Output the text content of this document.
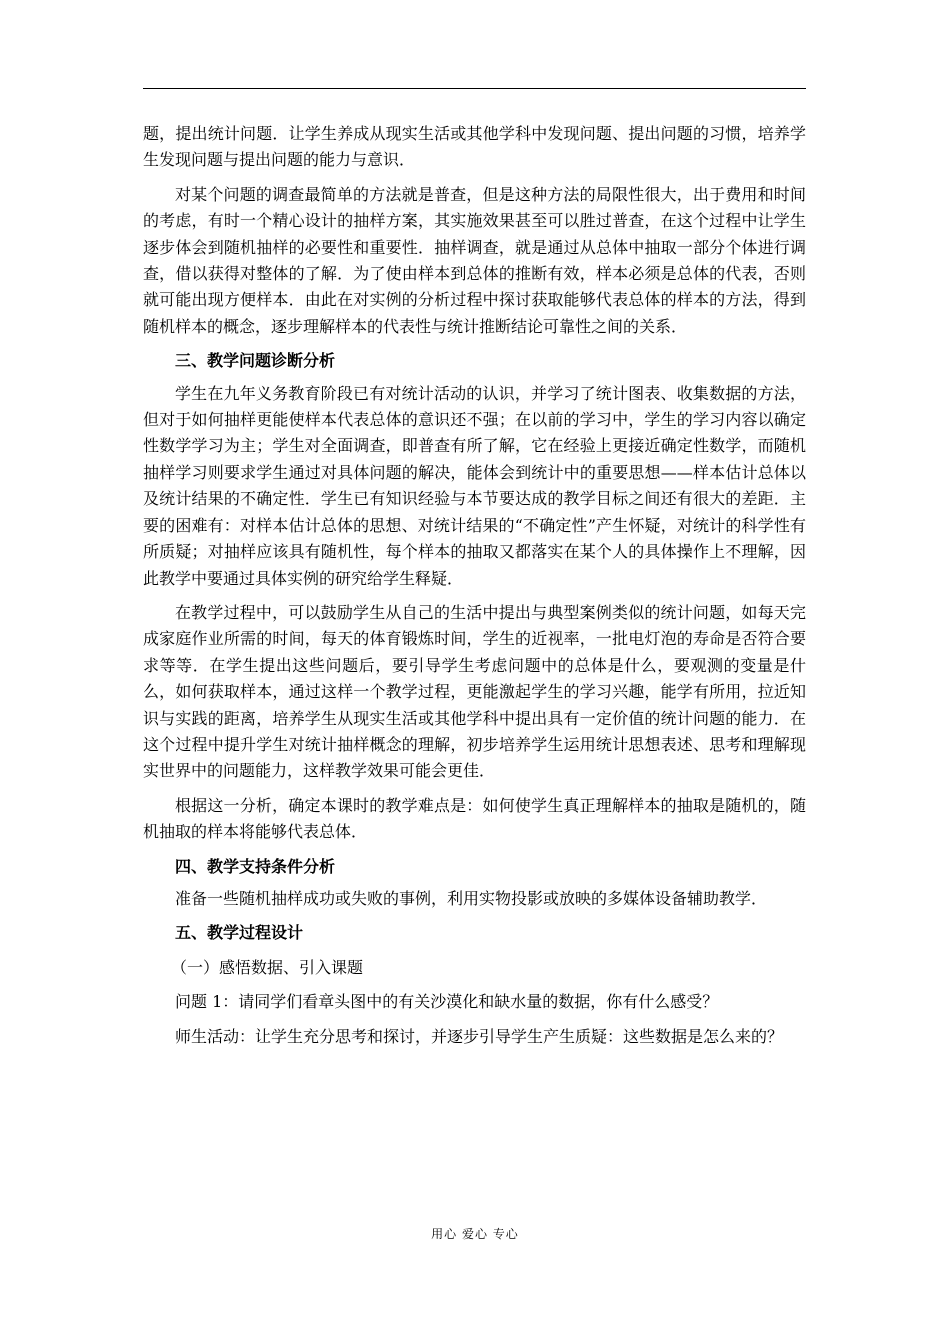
题，提出统计问题．让学生养成从现实生活或其他学科中发现问题、提出问题的习惯，培养学生发现问题与提出问题的能力与意识．

对某个问题的调查最简单的方法就是普查，但是这种方法的局限性很大，出于费用和时间的考虑，有时一个精心设计的抽样方案，其实施效果甚至可以胜过普查，在这个过程中让学生逐步体会到随机抽样的必要性和重要性．抽样调查，就是通过从总体中抽取一部分个体进行调查，借以获得对整体的了解．为了使由样本到总体的推断有效，样本必须是总体的代表，否则就可能出现方便样本．由此在对实例的分析过程中探讨获取能够代表总体的样本的方法，得到随机样本的概念，逐步理解样本的代表性与统计推断结论可靠性之间的关系．

三、教学问题诊断分析

学生在九年义务教育阶段已有对统计活动的认识，并学习了统计图表、收集数据的方法，但对于如何抽样更能使样本代表总体的意识还不强；在以前的学习中，学生的学习内容以确定性数学学习为主；学生对全面调查，即普查有所了解，它在经验上更接近确定性数学，而随机抽样学习则要求学生通过对具体问题的解决，能体会到统计中的重要思想——样本估计总体以及统计结果的不确定性．学生已有知识经验与本节要达成的教学目标之间还有很大的差距．主要的困难有：对样本估计总体的思想、对统计结果的“不确定性”产生怀疑，对统计的科学性有所质疑；对抽样应该具有随机性，每个样本的抽取又都落实在某个人的具体操作上不理解，因此教学中要通过具体实例的研究给学生释疑．

在教学过程中，可以鼓励学生从自己的生活中提出与典型案例类似的统计问题，如每天完成家庭作业所需的时间，每天的体育锻炼时间，学生的近视率，一批电灯泡的寿命是否符合要求等等．在学生提出这些问题后，要引导学生考虑问题中的总体是什么，要观测的变量是什么，如何获取样本，通过这样一个教学过程，更能激起学生的学习兴趣，能学有所用，拉近知识与实践的距离，培养学生从现实生活或其他学科中提出具有一定价值的统计问题的能力．在这个过程中提升学生对统计抽样概念的理解，初步培养学生运用统计思想表述、思考和理解现实世界中的问题能力，这样教学效果可能会更佳．

根据这一分析，确定本课时的教学难点是：如何使学生真正理解样本的抽取是随机的，随机抽取的样本将能够代表总体．

四、教学支持条件分析

准备一些随机抽样成功或失败的事例，利用实物投影或放映的多媒体设备辅助教学．

五、教学过程设计

（一）感悟数据、引入课题

问题 1：请同学们看章头图中的有关沙漠化和缺水量的数据，你有什么感受？

师生活动：让学生充分思考和探讨，并逐步引导学生产生质疑：这些数据是怎么来的？

用心 爱心 专心
